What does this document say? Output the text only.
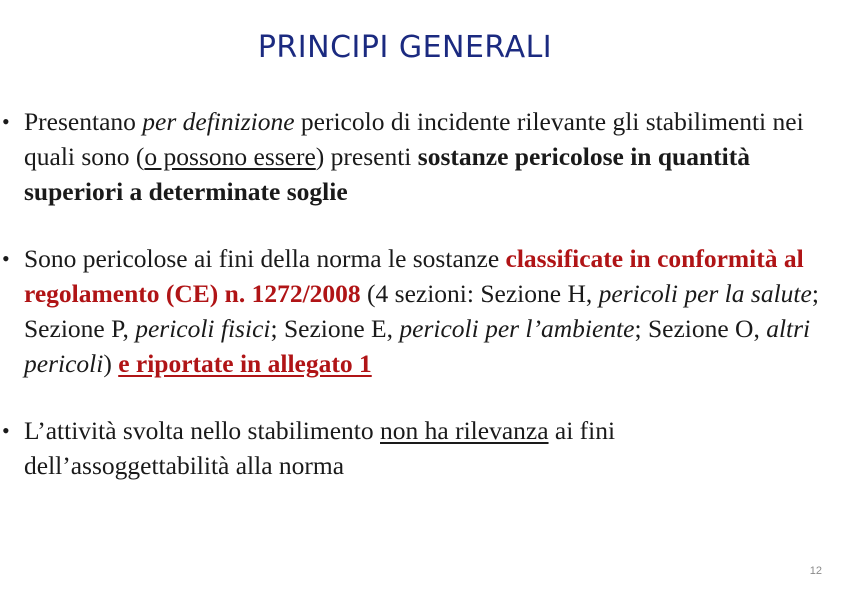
PRINCIPI GENERALI
• Presentano per definizione pericolo di incidente rilevante gli stabilimenti nei quali sono (o possono essere) presenti sostanze pericolose in quantità superiori a determinate soglie
• Sono pericolose ai fini della norma le sostanze classificate in conformità al regolamento (CE) n. 1272/2008 (4 sezioni: Sezione H, pericoli per la salute; Sezione P, pericoli fisici; Sezione E, pericoli per l’ambiente; Sezione O, altri pericoli) e riportate in allegato 1
• L’attività svolta nello stabilimento non ha rilevanza ai fini dell’assoggettabilità alla norma
12
